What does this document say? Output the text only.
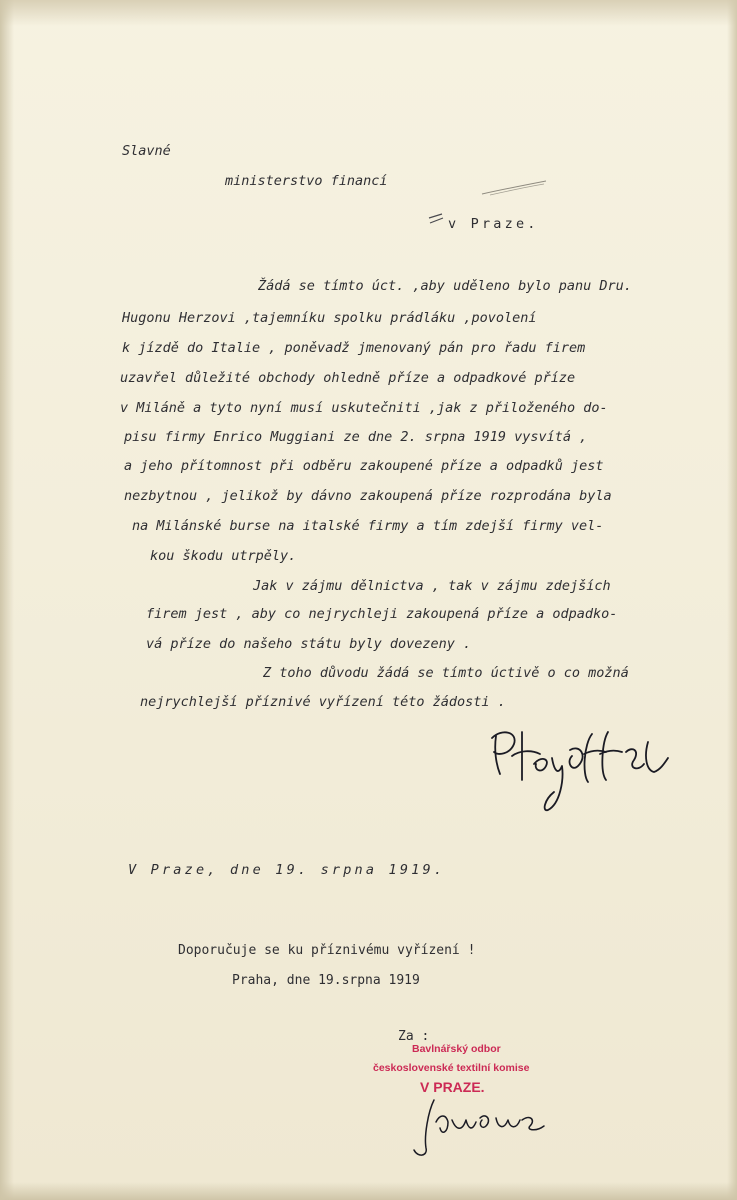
Slavné
ministerstvo financí
v Praze.
Žádá se tímto úct. ,aby uděleno bylo panu Dru.
Hugonu Herzovi ,tajemníku spolku prádláku ,povolení
k jízdě do Italie , poněvadž jmenovaný pán pro řadu firem
uzavřel důležité obchody ohledně příze a odpadkové příze
v Miláně a tyto nyní musí uskutečniti ,jak z přiloženého do-
pisu firmy Enrico Muggiani ze dne 2. srpna 1919 vysvítá ,
a jeho přítomnost při odběru zakoupené příze a odpadků jest
nezbytnou , jelikož by dávno zakoupená příze rozprodána byla
na Milánské burse na italské firmy a tím zdejší firmy vel-
kou škodu utrpěly.
Jak v zájmu dělnictva , tak v zájmu zdejších
firem jest , aby co nejrychleji zakoupená příze a odpadko-
vá příze do našeho státu byly dovezeny .
Z toho důvodu žádá se tímto úctivě o co možná
nejrychlejší příznivé vyřízení této žádosti .
V Praze, dne 19. srpna 1919.
Doporučuje se ku příznivému vyřízení !
Praha, dne 19.srpna 1919
Za :
Bavlnářský odbor
československé textilní komise
V PRAZE.
